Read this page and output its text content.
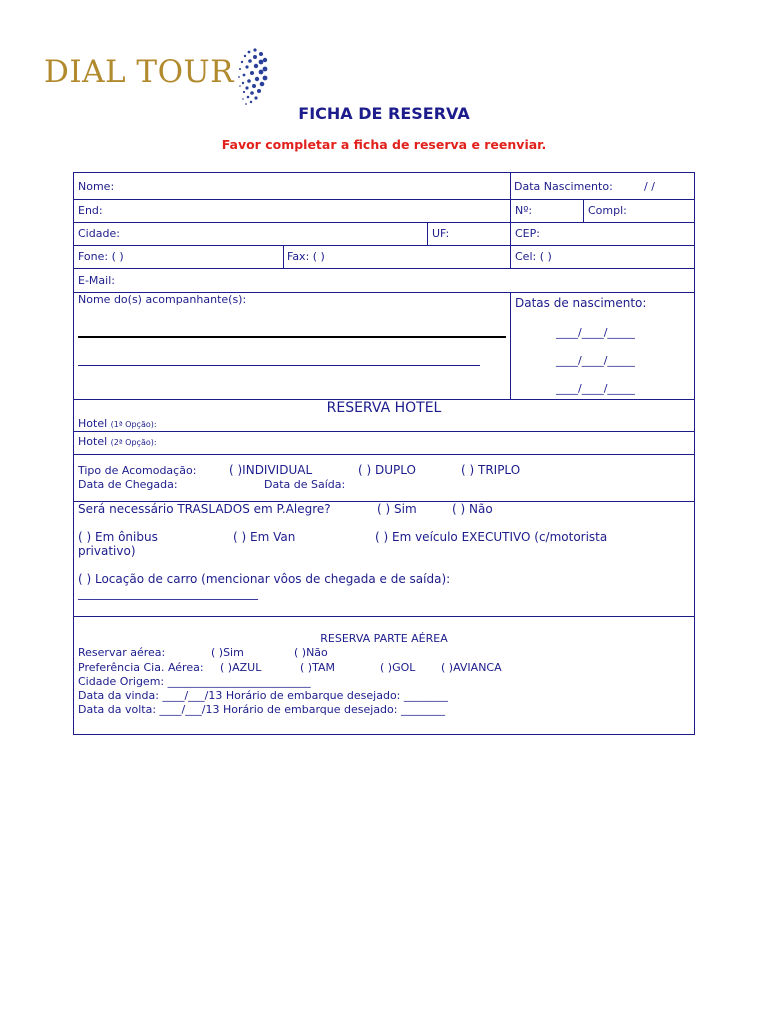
DIAL TOUR
FICHA DE RESERVA
Favor completar a ficha de reserva e reenviar.
Nome:	Data Nascimento:	/ /
End:	Nº:	Compl:
Cidade:	UF:	CEP:
Fone: ( )	Fax: ( )	Cel: ( )
E-Mail:
Nome do(s) acompanhante(s):	Datas de nascimento:
____/____/_____
____/____/_____
____/____/_____
RESERVA HOTEL
Hotel (1ª Opção):
Hotel (2ª Opção):
Tipo de Acomodação:	( )INDIVIDUAL	( ) DUPLO	( ) TRIPLO
Data de Chegada:	Data de Saída:
Será necessário TRASLADOS em P.Alegre?	( ) Sim	( ) Não
( ) Em ônibus	( ) Em Van	( ) Em veículo EXECUTIVO (c/motorista
privativo)
( ) Locação de carro (mencionar vôos de chegada e de saída):
______________________________
RESERVA PARTE AÉREA
Reservar aérea:	( )Sim	( )Não
Preferência Cia. Aérea: ( )AZUL	( )TAM	( )GOL ( )AVIANCA
Cidade Origem: __________________________
Data da vinda: ____/___/13 Horário de embarque desejado: ________
Data da volta: ____/___/13 Horário de embarque desejado: ________
